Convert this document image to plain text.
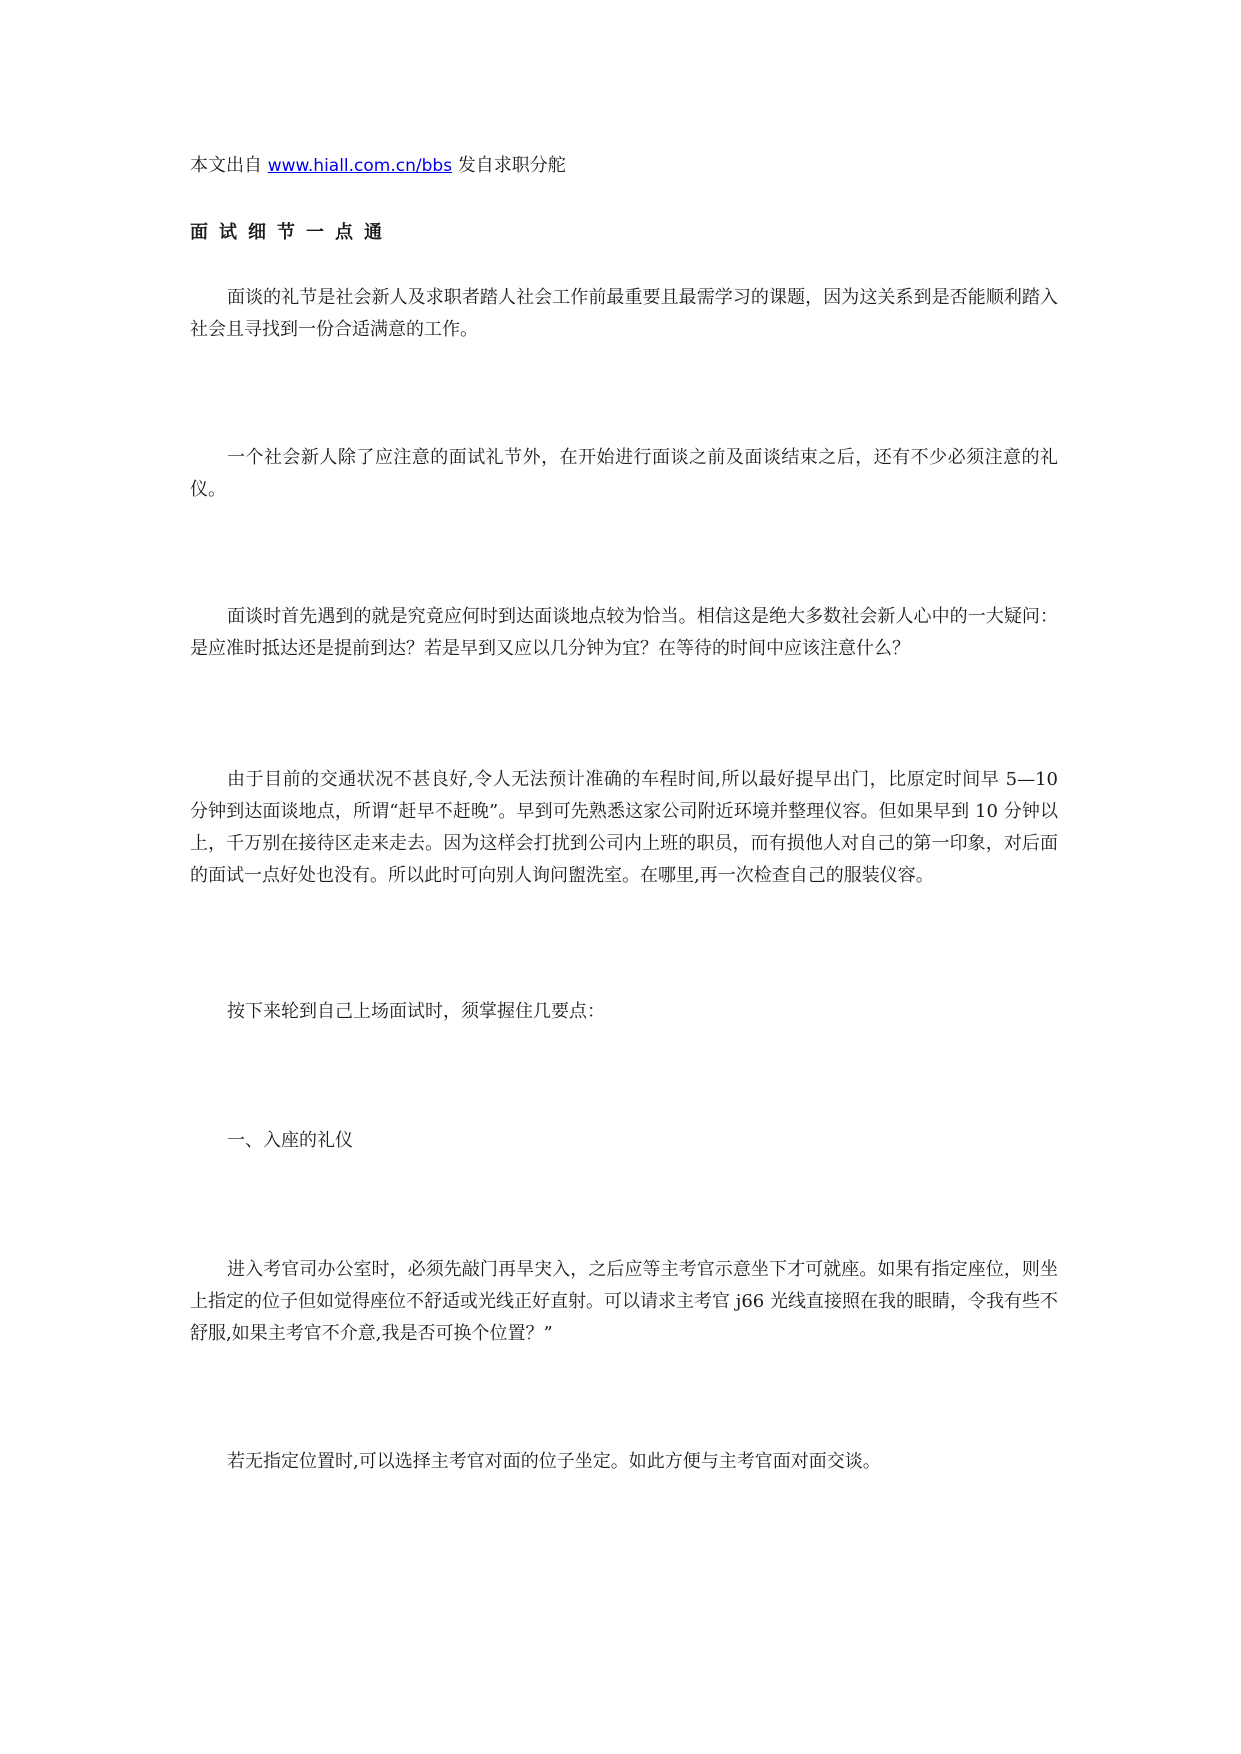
本文出自 www.hiall.com.cn/bbs 发自求职分舵
面试细节一点通

面谈的礼节是社会新人及求职者踏人社会工作前最重要且最需学习的课题，因为这关系到是否能顺利踏入社会且寻找到一份合适满意的工作。

一个社会新人除了应注意的面试礼节外，在开始进行面谈之前及面谈结束之后，还有不少必须注意的礼仪。

面谈时首先遇到的就是究竟应何时到达面谈地点较为恰当。相信这是绝大多数社会新人心中的一大疑问：是应准时抵达还是提前到达？若是早到又应以几分钟为宜？在等待的时间中应该注意什么？

由于目前的交通状况不甚良好,令人无法预计准确的车程时间,所以最好提早出门，比原定时间早 5—10 分钟到达面谈地点，所谓“赶早不赶晚”。早到可先熟悉这家公司附近环境并整理仪容。但如果早到 10 分钟以上，千万别在接待区走来走去。因为这样会打扰到公司内上班的职员，而有损他人对自己的第一印象，对后面的面试一点好处也没有。所以此时可向别人询问盥洗室。在哪里,再一次检查自己的服装仪容。

按下来轮到自己上场面试时，须掌握住几要点：

一、入座的礼仪

进入考官司办公室时，必须先敲门再旱宊入，之后应等主考官示意坐下才可就座。如果有指定座位，则坐上指定的位子但如觉得座位不舒适或光线正好直射。可以请求主考官 j66 光线直接照在我的眼睛，令我有些不舒服,如果主考官不介意,我是否可换个位置？”

若无指定位置时,可以选择主考官对面的位子坐定。如此方便与主考官面对面交谈。
